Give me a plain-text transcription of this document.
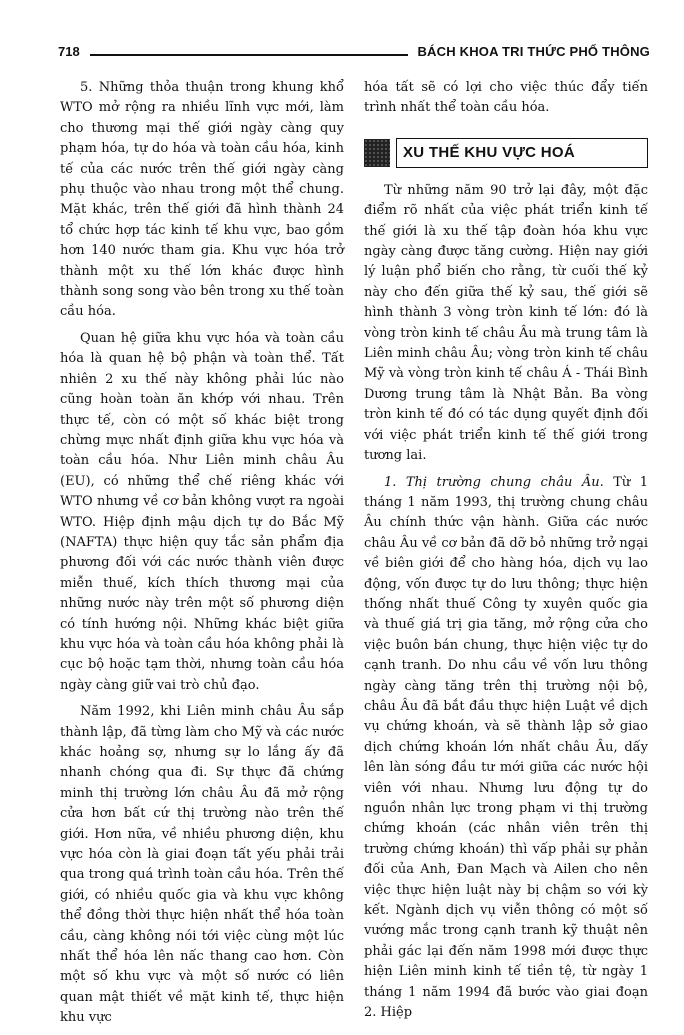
718	BÁCH KHOA TRI THỨC PHỔ THÔNG

5. Những thỏa thuận trong khung khổ WTO mở rộng ra nhiều lĩnh vực mới, làm cho thương mại thế giới ngày càng quy phạm hóa, tự do hóa và toàn cầu hóa, kinh tế của các nước trên thế giới ngày càng phụ thuộc vào nhau trong một thể chung. Mặt khác, trên thế giới đã hình thành 24 tổ chức hợp tác kinh tế khu vực, bao gồm hơn 140 nước tham gia. Khu vực hóa trở thành một xu thế lớn khác được hình thành song song vào bên trong xu thế toàn cầu hóa.

Quan hệ giữa khu vực hóa và toàn cầu hóa là quan hệ bộ phận và toàn thể. Tất nhiên 2 xu thế này không phải lúc nào cũng hoàn toàn ăn khớp với nhau. Trên thực tế, còn có một số khác biệt trong chừng mực nhất định giữa khu vực hóa và toàn cầu hóa. Như Liên minh châu Âu (EU), có những thể chế riêng khác với WTO nhưng về cơ bản không vượt ra ngoài WTO. Hiệp định mậu dịch tự do Bắc Mỹ (NAFTA) thực hiện quy tắc sản phẩm địa phương đối với các nước thành viên được miễn thuế, kích thích thương mại của những nước này trên một số phương diện có tính hướng nội. Những khác biệt giữa khu vực hóa và toàn cầu hóa không phải là cục bộ hoặc tạm thời, nhưng toàn cầu hóa ngày càng giữ vai trò chủ đạo.

Năm 1992, khi Liên minh châu Âu sắp thành lập, đã từng làm cho Mỹ và các nước khác hoảng sợ, nhưng sự lo lắng ấy đã nhanh chóng qua đi. Sự thực đã chứng minh thị trường lớn châu Âu đã mở rộng cửa hơn bất cứ thị trường nào trên thế giới. Hơn nữa, về nhiều phương diện, khu vực hóa còn là giai đoạn tất yếu phải trải qua trong quá trình toàn cầu hóa. Trên thế giới, có nhiều quốc gia và khu vực không thể đồng thời thực hiện nhất thể hóa toàn cầu, càng không nói tới việc cùng một lúc nhất thể hóa lên nấc thang cao hơn. Còn một số khu vực và một số nước có liên quan mật thiết về mặt kinh tế, thực hiện khu vực

hóa tất sẽ có lợi cho việc thúc đẩy tiến trình nhất thể toàn cầu hóa.

XU THẾ KHU VỰC HOÁ

Từ những năm 90 trở lại đây, một đặc điểm rõ nhất của việc phát triển kinh tế thế giới là xu thế tập đoàn hóa khu vực ngày càng được tăng cường. Hiện nay giới lý luận phổ biến cho rằng, từ cuối thế kỷ này cho đến giữa thế kỷ sau, thế giới sẽ hình thành 3 vòng tròn kinh tế lớn: đó là vòng tròn kinh tế châu Âu mà trung tâm là Liên minh châu Âu; vòng tròn kinh tế châu Mỹ và vòng tròn kinh tế châu Á - Thái Bình Dương trung tâm là Nhật Bản. Ba vòng tròn kinh tế đó có tác dụng quyết định đối với việc phát triển kinh tế thế giới trong tương lai.

1. Thị trường chung châu Âu. Từ 1 tháng 1 năm 1993, thị trường chung châu Âu chính thức vận hành. Giữa các nước châu Âu về cơ bản đã dỡ bỏ những trở ngại về biên giới để cho hàng hóa, dịch vụ lao động, vốn được tự do lưu thông; thực hiện thống nhất thuế Công ty xuyên quốc gia và thuế giá trị gia tăng, mở rộng cửa cho việc buôn bán chung, thực hiện việc tự do cạnh tranh. Do nhu cầu về vốn lưu thông ngày càng tăng trên thị trường nội bộ, châu Âu đã bắt đầu thực hiện Luật về dịch vụ chứng khoán, và sẽ thành lập sở giao dịch chứng khoán lớn nhất châu Âu, dấy lên làn sóng đầu tư mới giữa các nước hội viên với nhau. Nhưng lưu động tự do nguồn nhân lực trong phạm vi thị trường chứng khoán (các nhân viên trên thị trường chứng khoán) thì vấp phải sự phản đối của Anh, Đan Mạch và Ailen cho nên việc thực hiện luật này bị chậm so với kỳ kết. Ngành dịch vụ viễn thông có một số vướng mắc trong cạnh tranh kỹ thuật nên phải gác lại đến năm 1998 mới được thực hiện Liên minh kinh tế tiền tệ, từ ngày 1 tháng 1 năm 1994 đã bước vào giai đoạn 2. Hiệp
